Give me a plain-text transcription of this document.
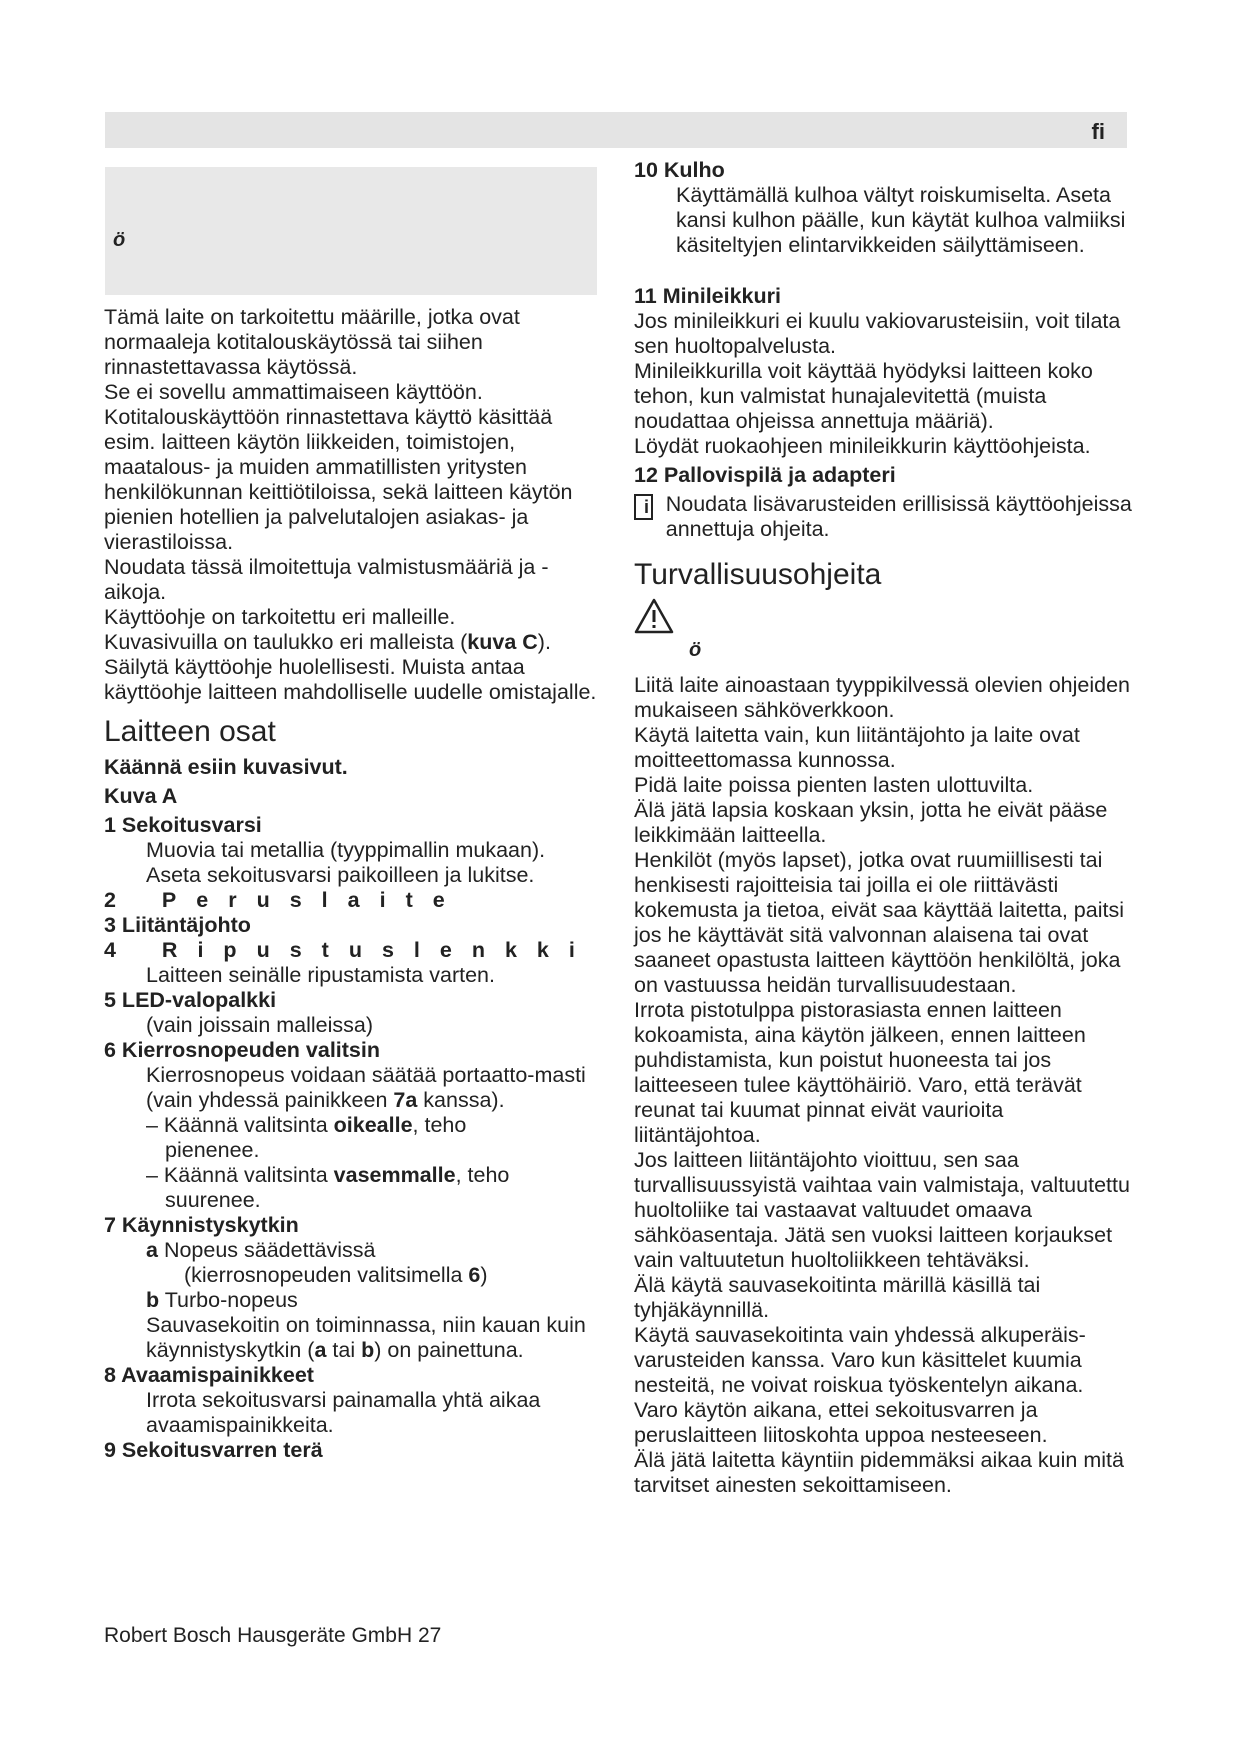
fi
ö

Tämä laite on tarkoitettu määrille, jotka ovat normaaleja kotitalouskäytössä tai siihen rinnastettavassa käytössä.

Se ei sovellu ammattimaiseen käyttöön. Kotitalouskäyttöön rinnastettava käyttö käsittää esim. laitteen käytön liikkeiden, toimistojen, maatalous- ja muiden ammatillisten yritysten henkilökunnan keittiötiloissa, sekä laitteen käytön pienien hotellien ja palvelutalojen asiakas- ja vierastiloissa.

Noudata tässä ilmoitettuja valmistusmääriä ja -aikoja.

Käyttöohje on tarkoitettu eri malleille.

Kuvasivuilla on taulukko eri malleista (kuva C).

Säilytä käyttöohje huolellisesti. Muista antaa käyttöohje laitteen mahdolliselle uudelle omistajalle.

Laitteen osat

Käännä esiin kuvasivut.

Kuva A

1 Sekoitusvarsi

Muovia tai metallia (tyyppimallin mukaan). Aseta sekoitusvarsi paikoilleen ja lukitse.

2 Peruslaite

3 Liitäntäjohto

4 Ripustuslenkki

Laitteen seinälle ripustamista varten.

5 LED-valopalkki

(vain joissain malleissa)

6 Kierrosnopeuden valitsin

Kierrosnopeus voidaan säätää portaatto-masti (vain yhdessä painikkeen 7a kanssa).

– Käännä valitsinta oikealle, teho

pienenee.

– Käännä valitsinta vasemmalle, teho

suurenee.

7 Käynnistyskytkin

a Nopeus säädettävissä

(kierrosnopeuden valitsimella 6)

b Turbo-nopeus

Sauvasekoitin on toiminnassa, niin kauan kuin käynnistyskytkin (a tai b) on painettuna.

8 Avaamispainikkeet

Irrota sekoitusvarsi painamalla yhtä aikaa avaamispainikkeita.

9 Sekoitusvarren terä

10 Kulho

Käyttämällä kulhoa vältyt roiskumiselta. Aseta kansi kulhon päälle, kun käytät kulhoa valmiiksi käsiteltyjen elintarvikkeiden säilyttämiseen.

11 Minileikkuri

Jos minileikkuri ei kuulu vakiovarusteisiin, voit tilata sen huoltopalvelusta.

Minileikkurilla voit käyttää hyödyksi laitteen koko tehon, kun valmistat hunajalevitettä (muista noudattaa ohjeissa annettuja määriä).

Löydät ruokaohjeen minileikkurin käyttöohjeista.

12 Pallovispilä ja adapteri

i Noudata lisävarusteiden erillisissä käyttöohjeissa annettuja ohjeita.

Turvallisuusohjeita

ö

Liitä laite ainoastaan tyyppikilvessä olevien ohjeiden mukaiseen sähköverkkoon.

Käytä laitetta vain, kun liitäntäjohto ja laite ovat moitteettomassa kunnossa.

Pidä laite poissa pienten lasten ulottuvilta.

Älä jätä lapsia koskaan yksin, jotta he eivät pääse leikkimään laitteella.

Henkilöt (myös lapset), jotka ovat ruumiillisesti tai henkisesti rajoitteisia tai joilla ei ole riittävästi kokemusta ja tietoa, eivät saa käyttää laitetta, paitsi jos he käyttävät sitä valvonnan alaisena tai ovat saaneet opastusta laitteen käyttöön henkilöltä, joka on vastuussa heidän turvallisuudestaan.

Irrota pistotulppa pistorasiasta ennen laitteen kokoamista, aina käytön jälkeen, ennen laitteen puhdistamista, kun poistut huoneesta tai jos laitteeseen tulee käyttöhäiriö. Varo, että terävät reunat tai kuumat pinnat eivät vaurioita liitäntäjohtoa.

Jos laitteen liitäntäjohto vioittuu, sen saa turvallisuussyistä vaihtaa vain valmistaja, valtuutettu huoltoliike tai vastaavat valtuudet omaava sähköasentaja. Jätä sen vuoksi laitteen korjaukset vain valtuutetun huoltoliikkeen tehtäväksi.

Älä käytä sauvasekoitinta märillä käsillä tai tyhjäkäynnillä.

Käytä sauvasekoitinta vain yhdessä alkuperäis-varusteiden kanssa. Varo kun käsittelet kuumia nesteitä, ne voivat roiskua työskentelyn aikana.

Varo käytön aikana, ettei sekoitusvarren ja peruslaitteen liitoskohta uppoa nesteeseen.

Älä jätä laitetta käyntiin pidemmäksi aikaa kuin mitä tarvitset ainesten sekoittamiseen.

Robert Bosch Hausgeräte GmbH 27
